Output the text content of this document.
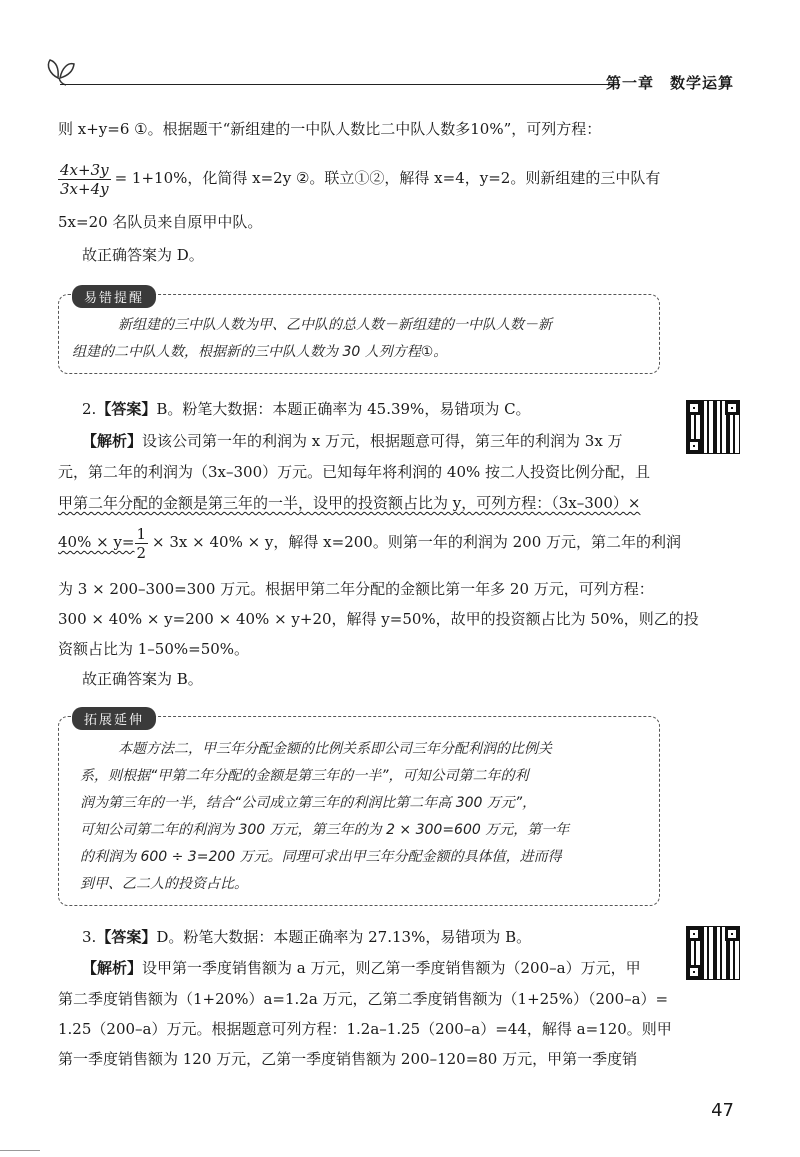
第一章 数学运算
则 x+y=6 ①。根据题干“新组建的一中队人数比二中队人数多10%”，可列方程：
$\frac{4x+3y}{3x+4y} = 1+10\%$，化简得 x=2y ②。联立①②，解得 x=4，y=2。则新组建的三中队有
5x=20 名队员来自原甲中队。
故正确答案为 D。
易错提醒
新组建的三中队人数为甲、乙中队的总人数－新组建的一中队人数－新
组建的二中队人数，根据新的三中队人数为 30 人列方程①。
2.【答案】B。粉笔大数据：本题正确率为 45.39%，易错项为 C。
【解析】设该公司第一年的利润为 x 万元，根据题意可得，第三年的利润为 3x 万
元，第二年的利润为（3x–300）万元。已知每年将利润的 40% 按二人投资比例分配，且
甲第二年分配的金额是第三年的一半，设甲的投资额占比为 y，可列方程：（3x–300）×
$40\% \times y= \frac{1}{2} \times 3x \times 40\% \times y$，解得 x=200。则第一年的利润为 200 万元，第二年的利润
为 3 × 200–300=300 万元。根据甲第二年分配的金额比第一年多 20 万元，可列方程：
300 × 40% × y=200 × 40% × y+20，解得 y=50%，故甲的投资额占比为 50%，则乙的投
资额占比为 1–50%=50%。
故正确答案为 B。
拓展延伸
本题方法二，甲三年分配金额的比例关系即公司三年分配利润的比例关
系，则根据“甲第二年分配的金额是第三年的一半”，可知公司第二年的利
润为第三年的一半，结合“公司成立第三年的利润比第二年高 300 万元”，
可知公司第二年的利润为 300 万元，第三年的为 2 × 300=600 万元，第一年
的利润为 600 ÷ 3=200 万元。同理可求出甲三年分配金额的具体值，进而得
到甲、乙二人的投资占比。
3.【答案】D。粉笔大数据：本题正确率为 27.13%，易错项为 B。
【解析】设甲第一季度销售额为 a 万元，则乙第一季度销售额为（200–a）万元，甲
第二季度销售额为（1+20%）a=1.2a 万元，乙第二季度销售额为（1+25%）（200–a）=
1.25（200–a）万元。根据题意可列方程：1.2a–1.25（200–a）=44，解得 a=120。则甲
第一季度销售额为 120 万元，乙第一季度销售额为 200–120=80 万元，甲第一季度销
47
